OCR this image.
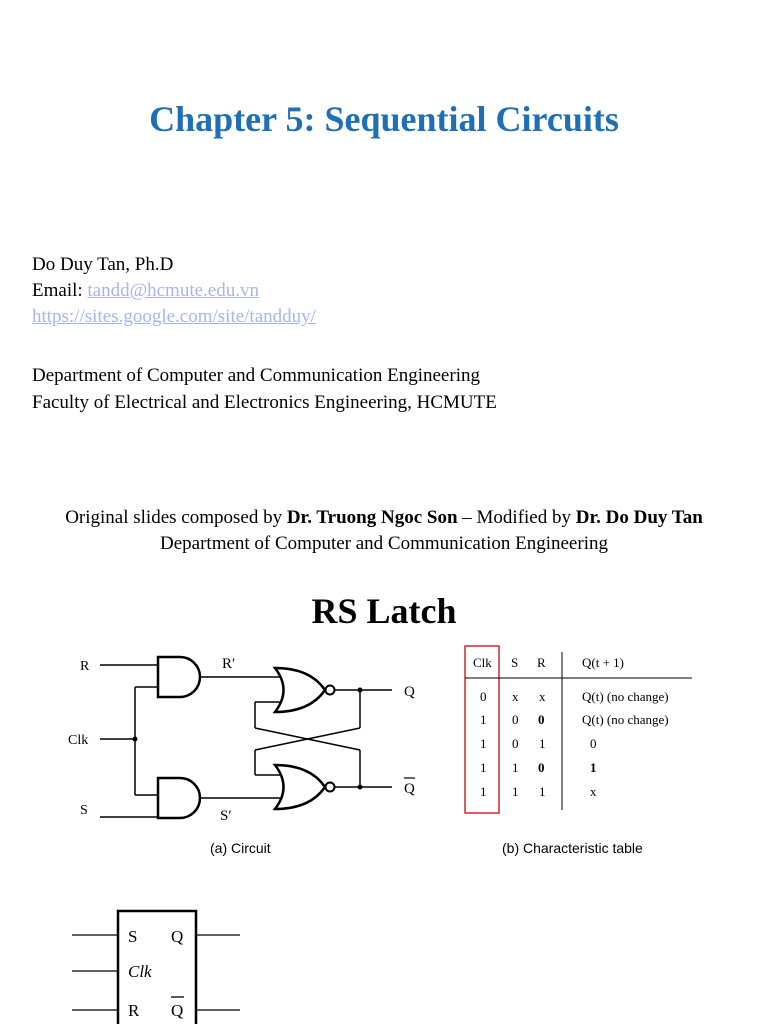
Chapter 5: Sequential Circuits
Do Duy Tan, Ph.D
Email: tandd@hcmute.edu.vn
https://sites.google.com/site/tandduy/
Department of Computer and Communication Engineering
Faculty of Electrical and Electronics Engineering, HCMUTE
Original slides composed by Dr. Truong Ngoc Son – Modified by Dr. Do Duy Tan
Department of Computer and Communication Engineering
RS Latch
R
Clk
S
R′
S′
Q
Q
(a) Circuit
Clk S R	Q(t + 1)
0 x x	Q(t) (no change)
1 0 0	Q(t) (no change)
1 0 1	0
1 1 0	1
1 1 1	x
(b) Characteristic table
S
Clk
R
Q
Q
